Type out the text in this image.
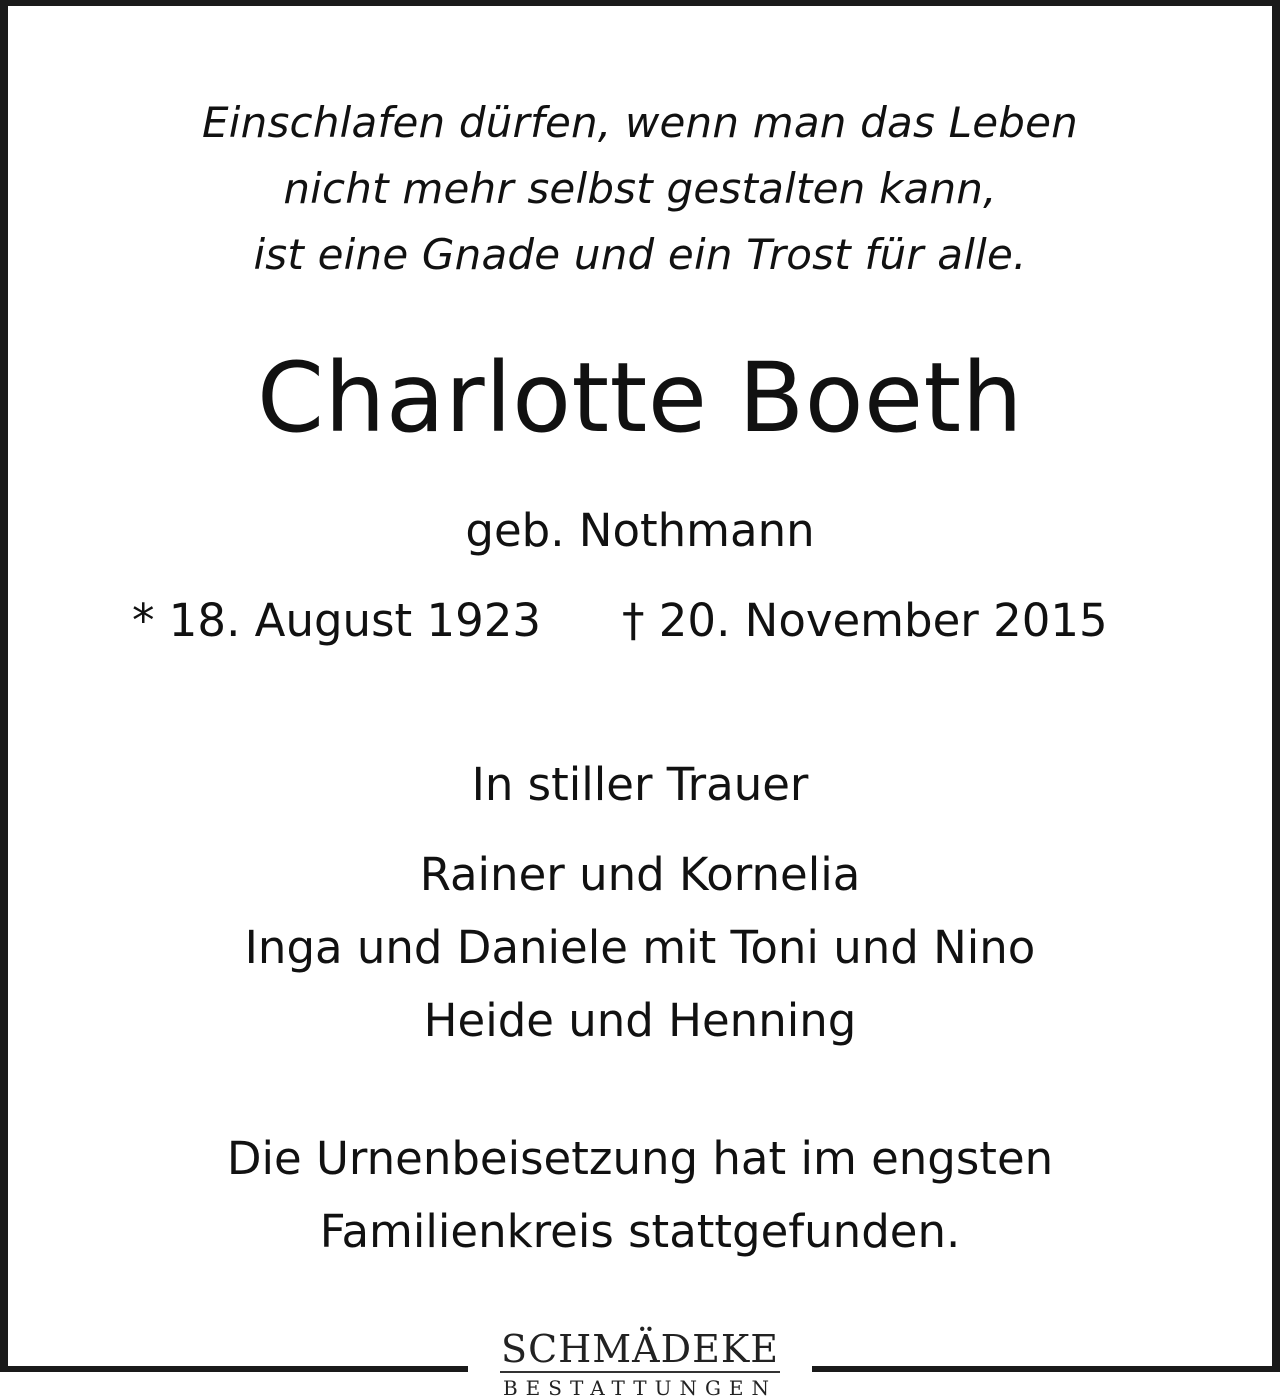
Einschlafen dürfen, wenn man das Leben
nicht mehr selbst gestalten kann,
ist eine Gnade und ein Trost für alle.
Charlotte Boeth
geb. Nothmann
* 18. August 1923 † 20. November 2015
In stiller Trauer
Rainer und Kornelia
Inga und Daniele mit Toni und Nino
Heide und Henning
Die Urnenbeisetzung hat im engsten
Familienkreis stattgefunden.
SCHMÄDEKE
BESTATTUNGEN
